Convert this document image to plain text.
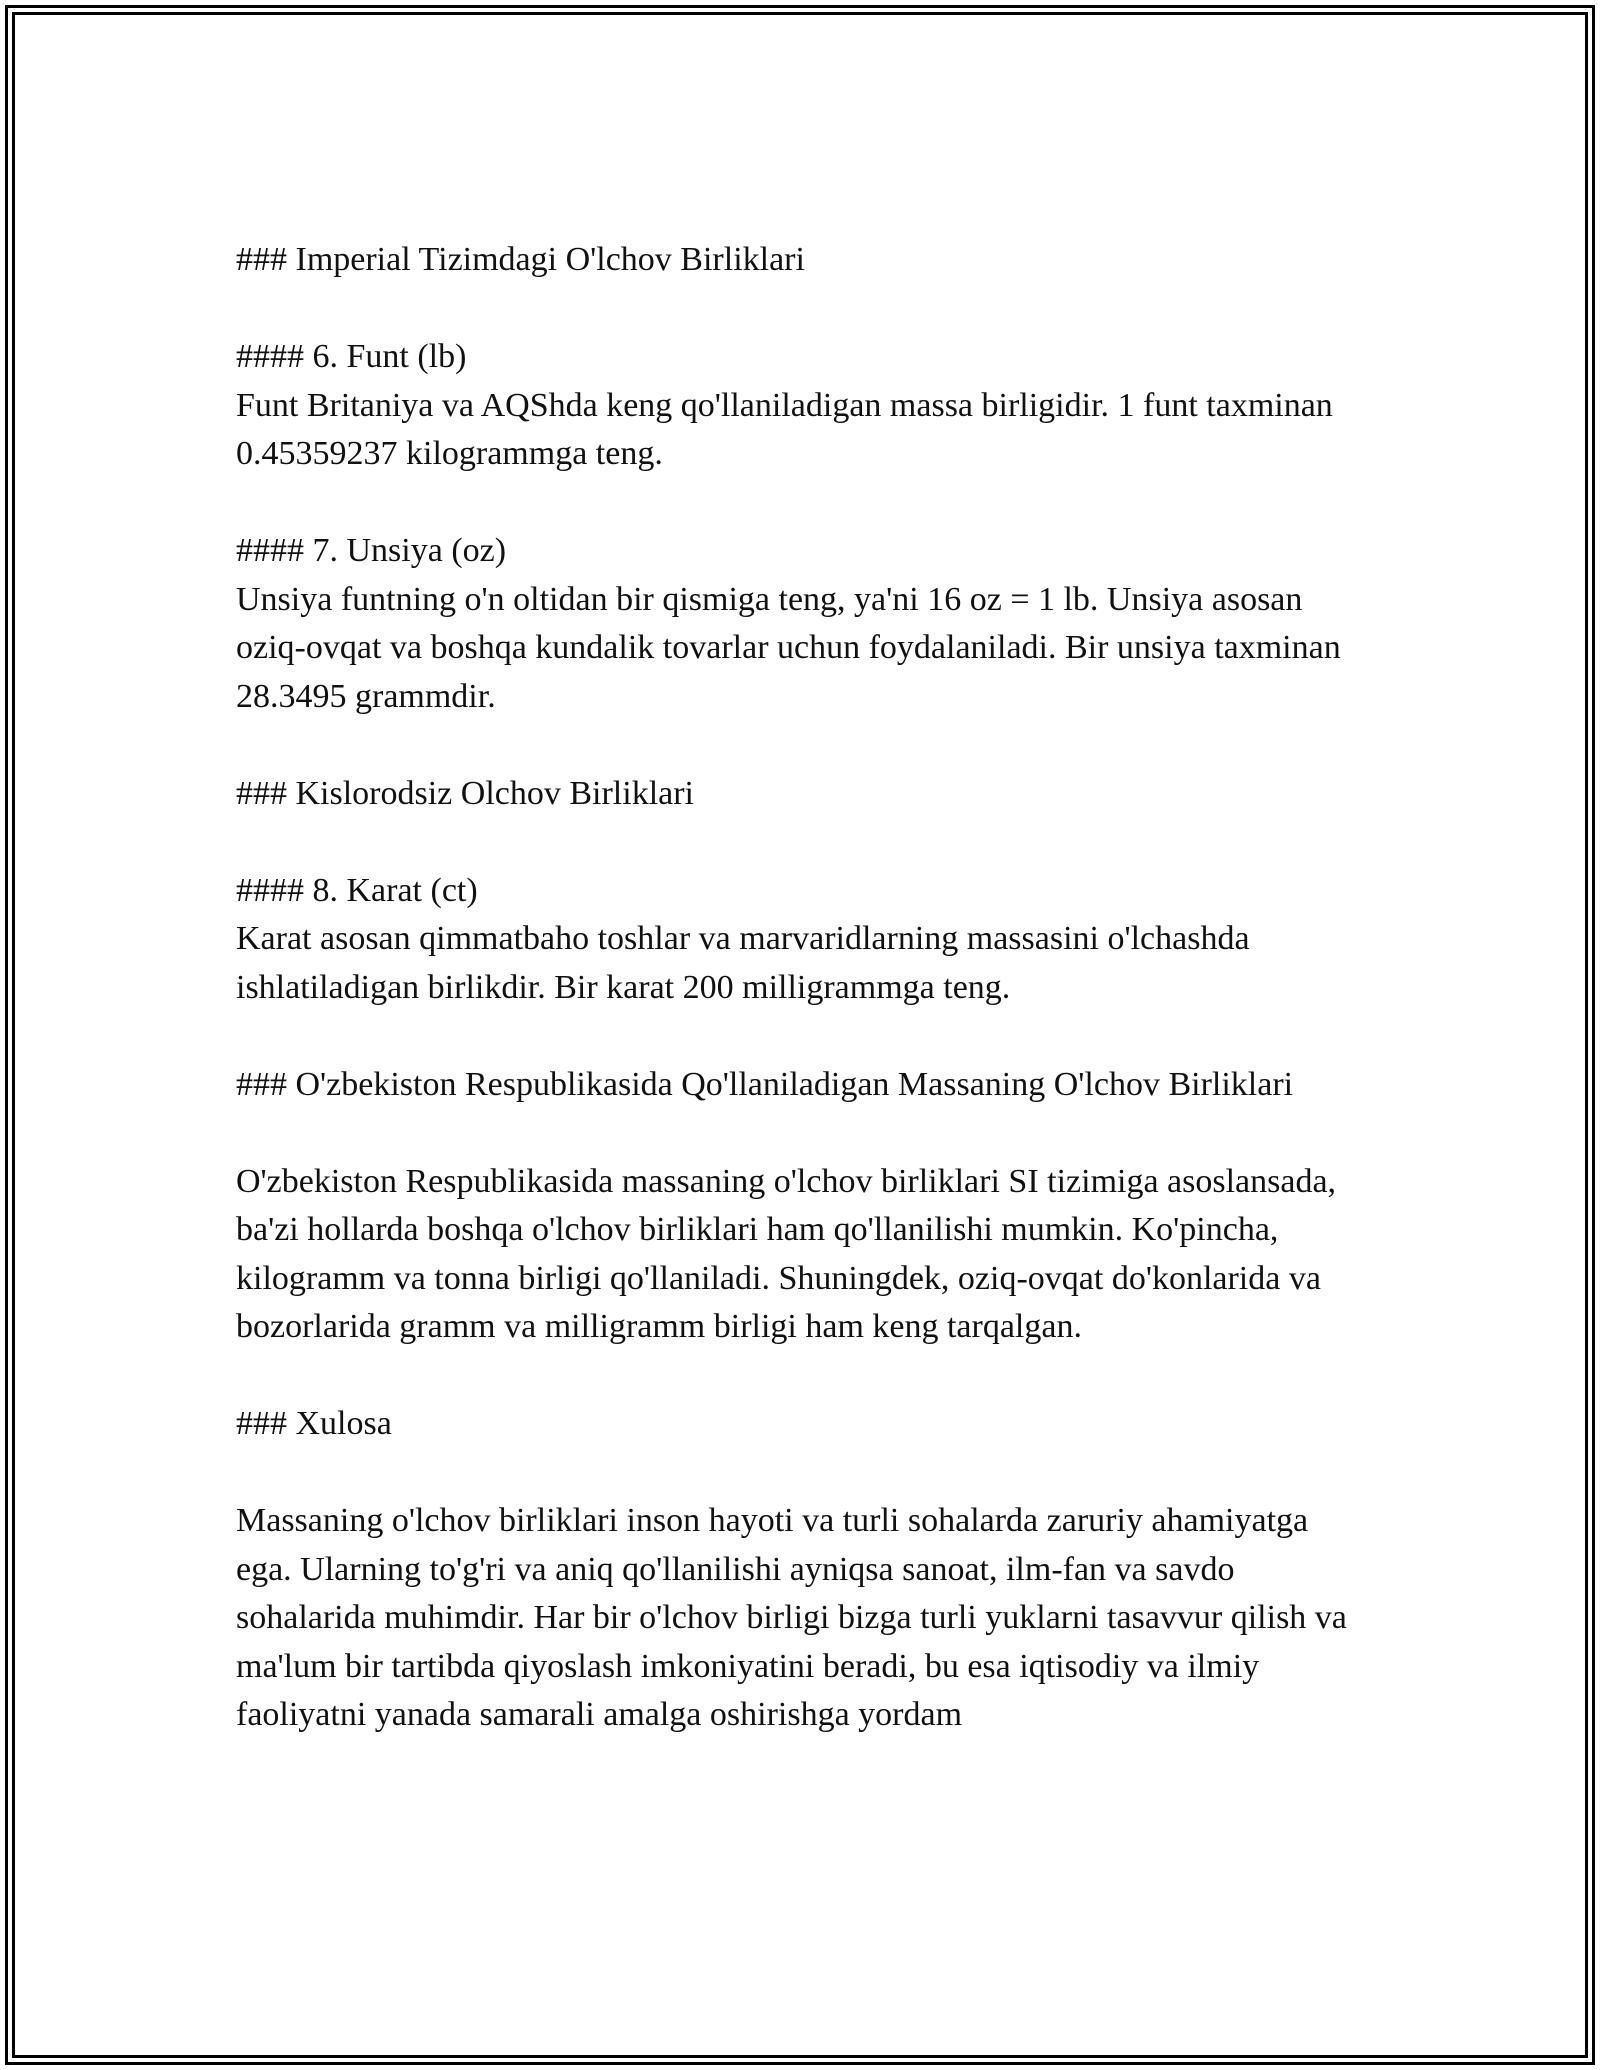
### Imperial Tizimdagi O'lchov Birliklari

#### 6. Funt (lb)

Funt Britaniya va AQShda keng qo'llaniladigan massa birligidir. 1 funt taxminan 0.45359237 kilogrammga teng.

#### 7. Unsiya (oz)

Unsiya funtning o'n oltidan bir qismiga teng, ya'ni 16 oz = 1 lb. Unsiya asosan oziq-ovqat va boshqa kundalik tovarlar uchun foydalaniladi. Bir unsiya taxminan 28.3495 grammdir.

### Kislorodsiz Olchov Birliklari

#### 8. Karat (ct)

Karat asosan qimmatbaho toshlar va marvaridlarning massasini o'lchashda ishlatiladigan birlikdir. Bir karat 200 milligrammga teng.

### O'zbekiston Respublikasida Qo'llaniladigan Massaning O'lchov Birliklari

O'zbekiston Respublikasida massaning o'lchov birliklari SI tizimiga asoslansada, ba'zi hollarda boshqa o'lchov birliklari ham qo'llanilishi mumkin. Ko'pincha, kilogramm va tonna birligi qo'llaniladi. Shuningdek, oziq-ovqat do'konlarida va bozorlarida gramm va milligramm birligi ham keng tarqalgan.

### Xulosa

Massaning o'lchov birliklari inson hayoti va turli sohalarda zaruriy ahamiyatga ega. Ularning to'g'ri va aniq qo'llanilishi ayniqsa sanoat, ilm-fan va savdo sohalarida muhimdir. Har bir o'lchov birligi bizga turli yuklarni tasavvur qilish va ma'lum bir tartibda qiyoslash imkoniyatini beradi, bu esa iqtisodiy va ilmiy faoliyatni yanada samarali amalga oshirishga yordam
